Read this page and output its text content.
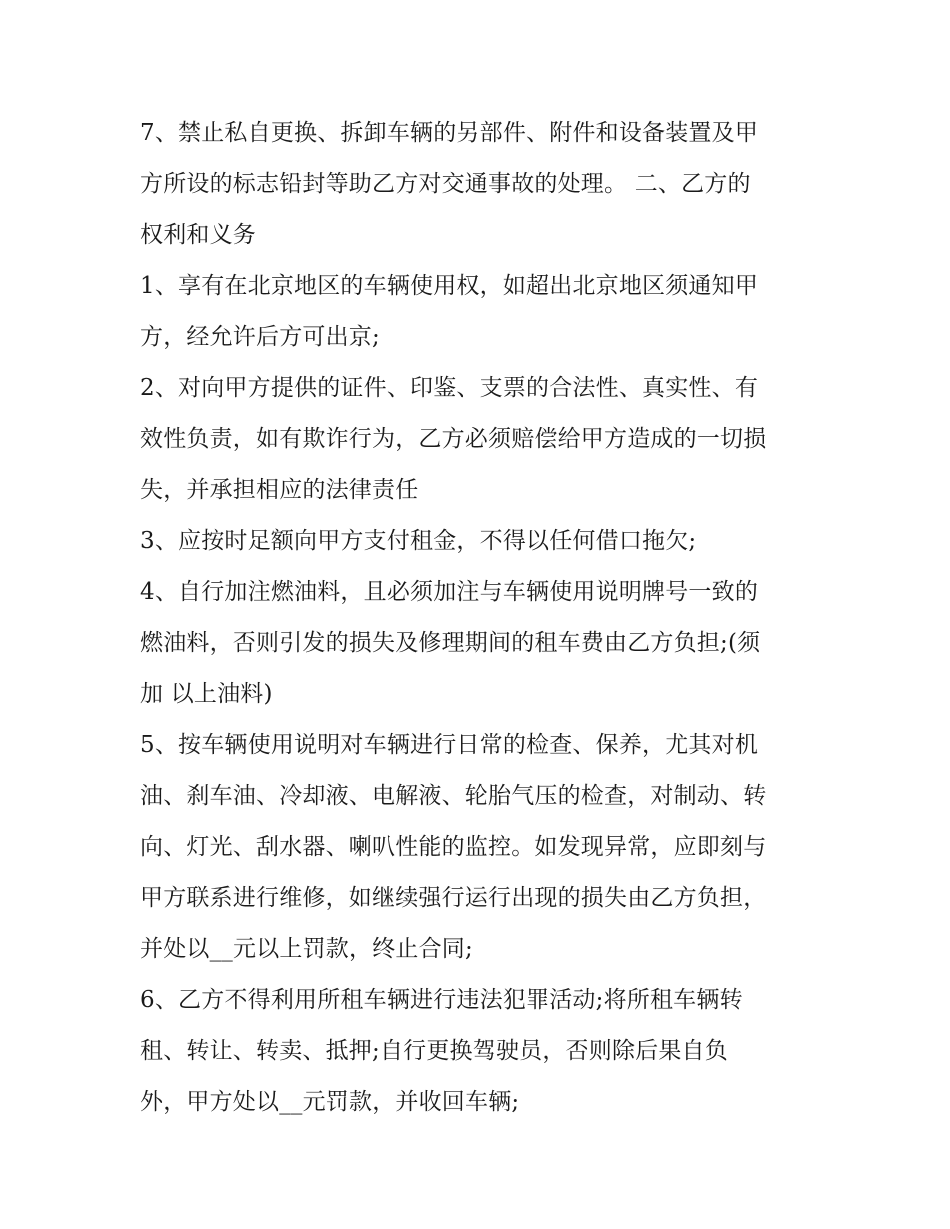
7、禁止私自更换、拆卸车辆的另部件、附件和设备装置及甲
方所设的标志铅封等助乙方对交通事故的处理。 二、乙方的
权利和义务
1、享有在北京地区的车辆使用权，如超出北京地区须通知甲
方，经允许后方可出京;
2、对向甲方提供的证件、印鉴、支票的合法性、真实性、有
效性负责，如有欺诈行为，乙方必须赔偿给甲方造成的一切损
失，并承担相应的法律责任
3、应按时足额向甲方支付租金，不得以任何借口拖欠;
4、自行加注燃油料，且必须加注与车辆使用说明牌号一致的
燃油料，否则引发的损失及修理期间的租车费由乙方负担;(须
加 以上油料)
5、按车辆使用说明对车辆进行日常的检查、保养，尤其对机
油、刹车油、冷却液、电解液、轮胎气压的检查，对制动、转
向、灯光、刮水器、喇叭性能的监控。如发现异常，应即刻与
甲方联系进行维修，如继续强行运行出现的损失由乙方负担，
并处以__元以上罚款，终止合同;
6、乙方不得利用所租车辆进行违法犯罪活动;将所租车辆转
租、转让、转卖、抵押;自行更换驾驶员，否则除后果自负
外，甲方处以__元罚款，并收回车辆;
